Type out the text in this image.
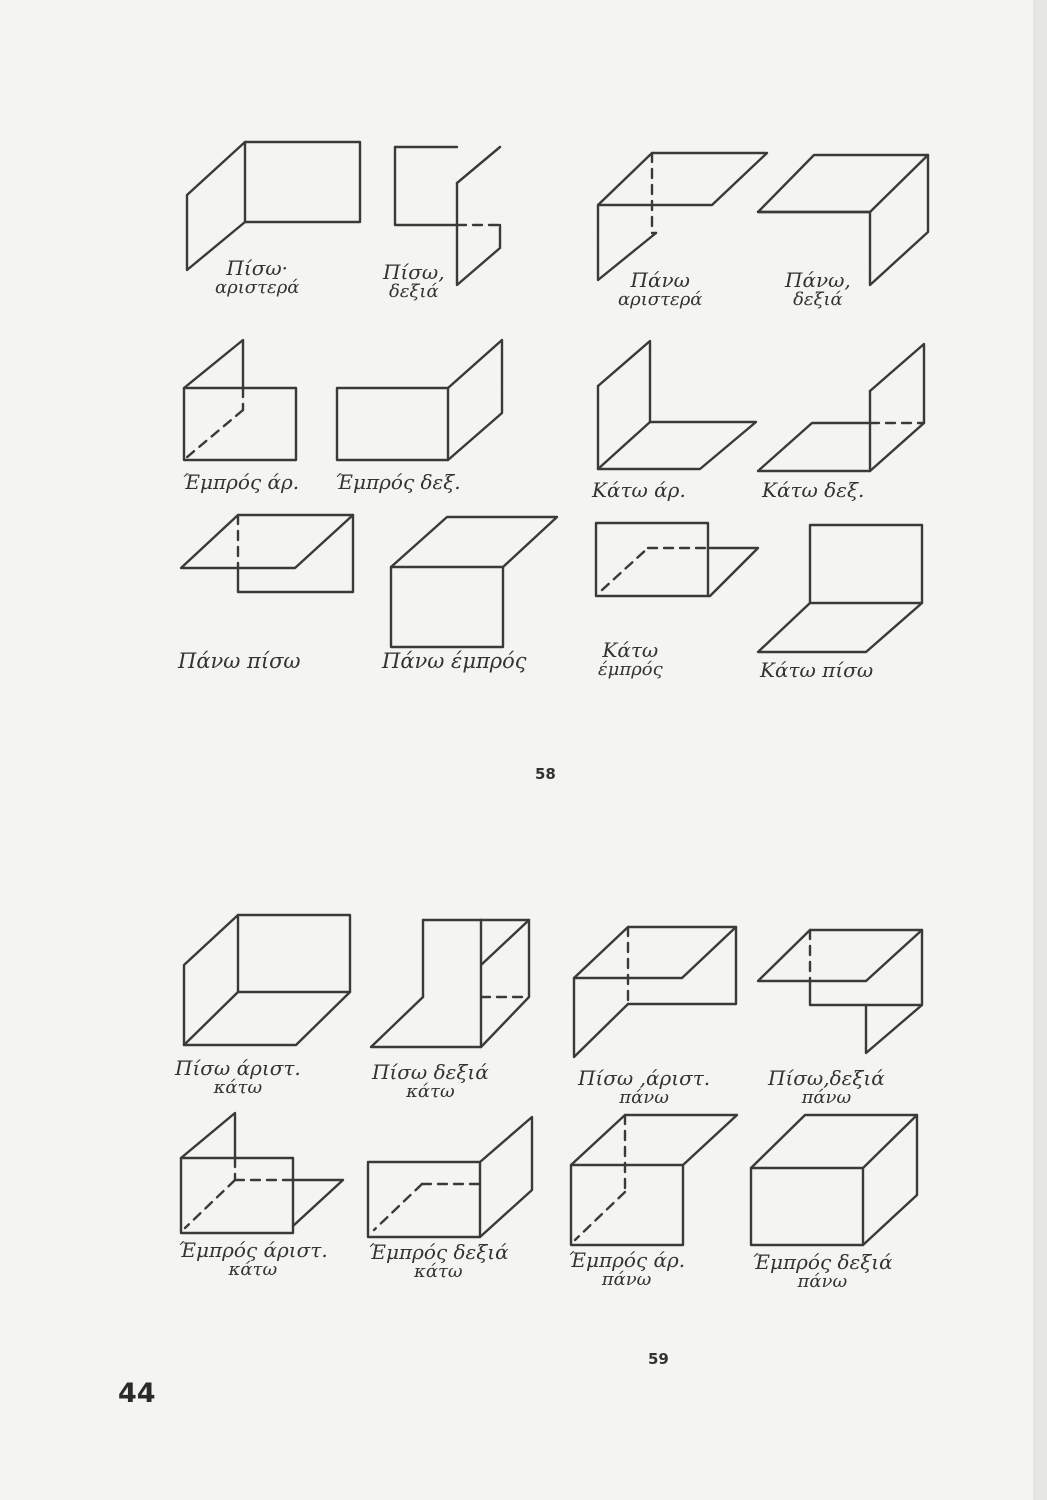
Πίσω·
αριστερά
Πίσω,
δεξιά	Πάνω
αριστερά
Πάνω,
δεξιά
Έμπρός άρ. Έμπρός δεξ.	Κάτω άρ.	Κάτω δεξ.
Πάνω πίσω	Πάνω έμπρός	Κάτω
έμπρός	Κάτω πίσω
58
Πίσω άριστ.
κάτω
Πίσω δεξιά
κάτω
Πίσω ,άριστ.
πάνω
Πίσω,δεξιά
πάνω
Έμπρός άριστ.
κάτω
Έμπρός δεξιά
κάτω	Έμπρός άρ.
πάνω
Έμπρός δεξιά
πάνω
59
44
